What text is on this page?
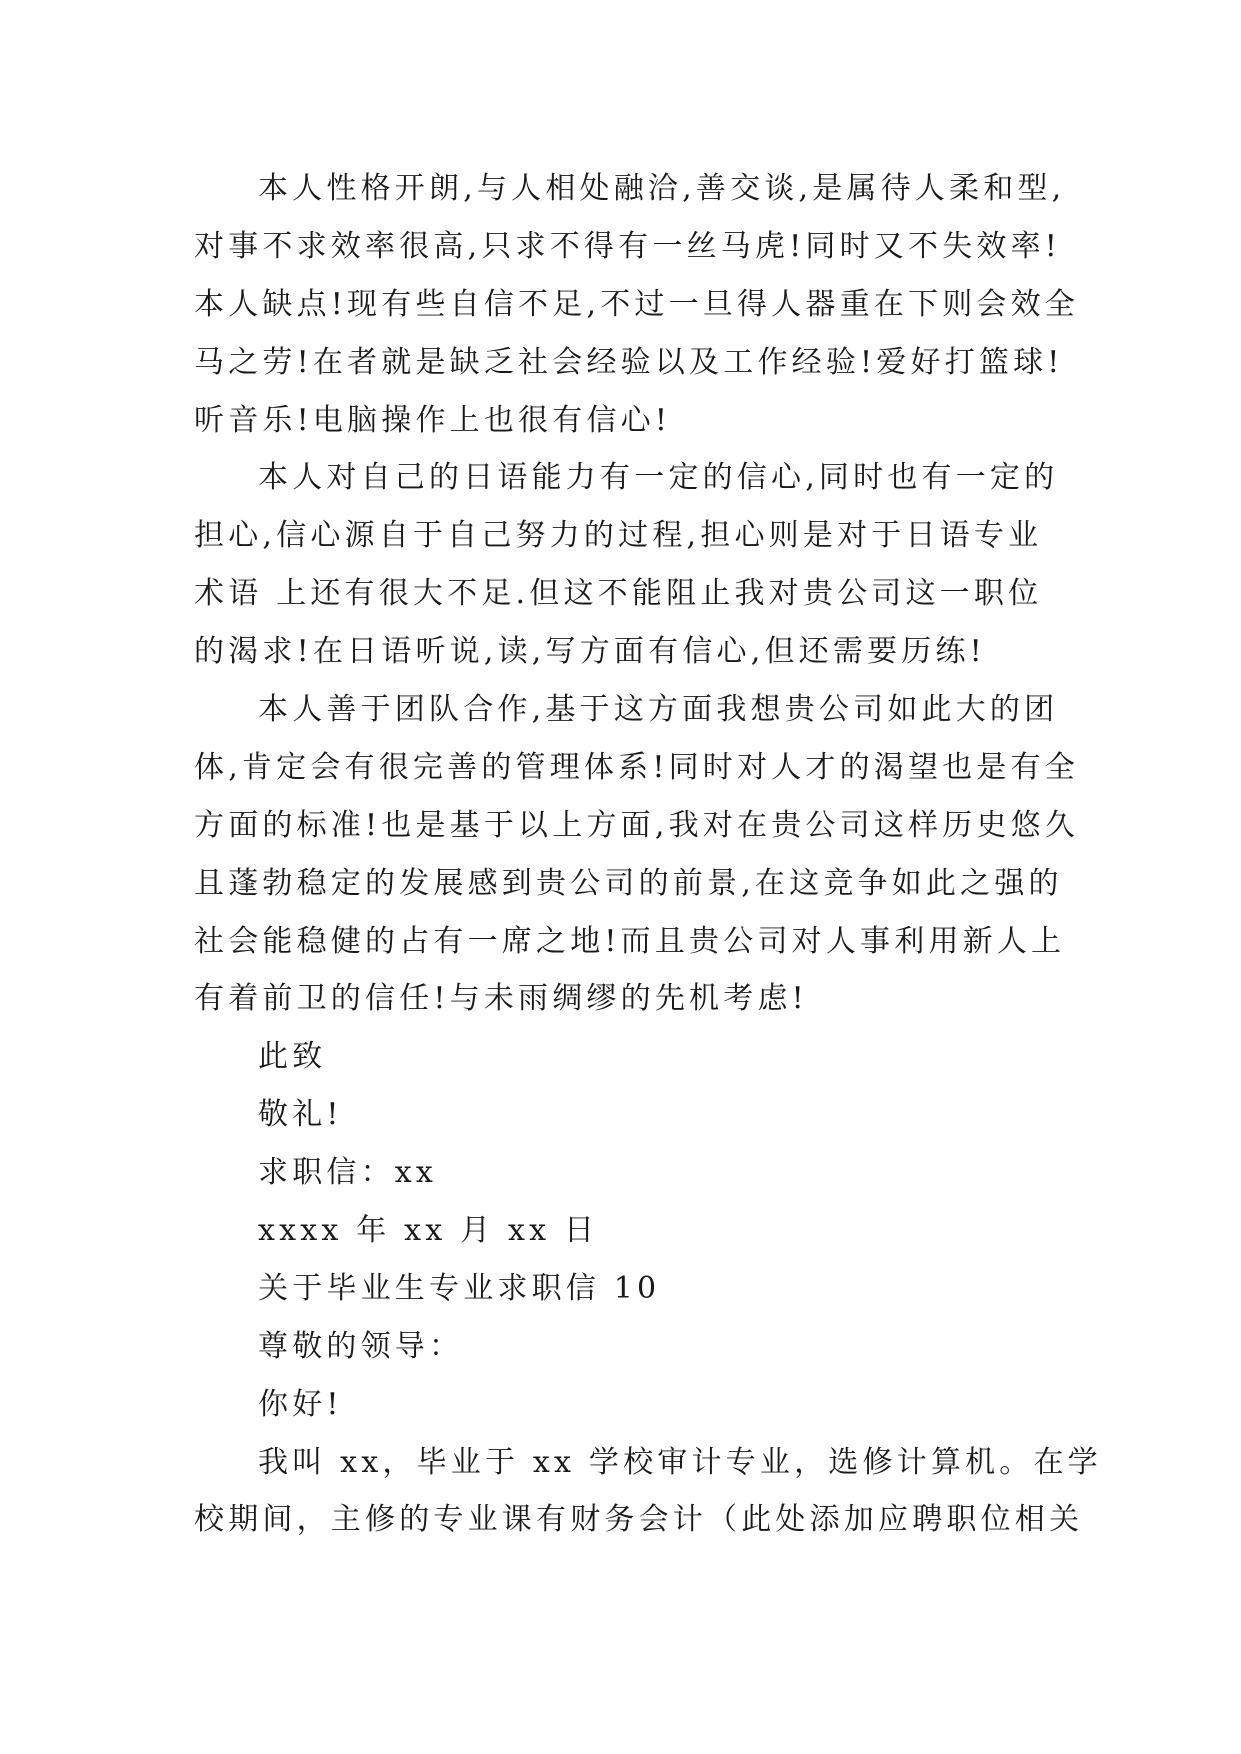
本人性格开朗,与人相处融洽,善交谈,是属待人柔和型,
对事不求效率很高,只求不得有一丝马虎!同时又不失效率!
本人缺点!现有些自信不足,不过一旦得人器重在下则会效全
马之劳!在者就是缺乏社会经验以及工作经验!爱好打篮球!
听音乐!电脑操作上也很有信心!
本人对自己的日语能力有一定的信心,同时也有一定的
担心,信心源自于自己努力的过程,担心则是对于日语专业
术语 上还有很大不足.但这不能阻止我对贵公司这一职位
的渴求!在日语听说,读,写方面有信心,但还需要历练!
本人善于团队合作,基于这方面我想贵公司如此大的团
体,肯定会有很完善的管理体系!同时对人才的渴望也是有全
方面的标准!也是基于以上方面,我对在贵公司这样历史悠久
且蓬勃稳定的发展感到贵公司的前景,在这竞争如此之强的
社会能稳健的占有一席之地!而且贵公司对人事利用新人上
有着前卫的信任!与未雨绸缪的先机考虑!
此致
敬礼!
求职信：xx
xxxx 年 xx 月 xx 日
关于毕业生专业求职信 10
尊敬的领导：
你好!
我叫 xx，毕业于 xx 学校审计专业，选修计算机。在学
校期间，主修的专业课有财务会计（此处添加应聘职位相关
